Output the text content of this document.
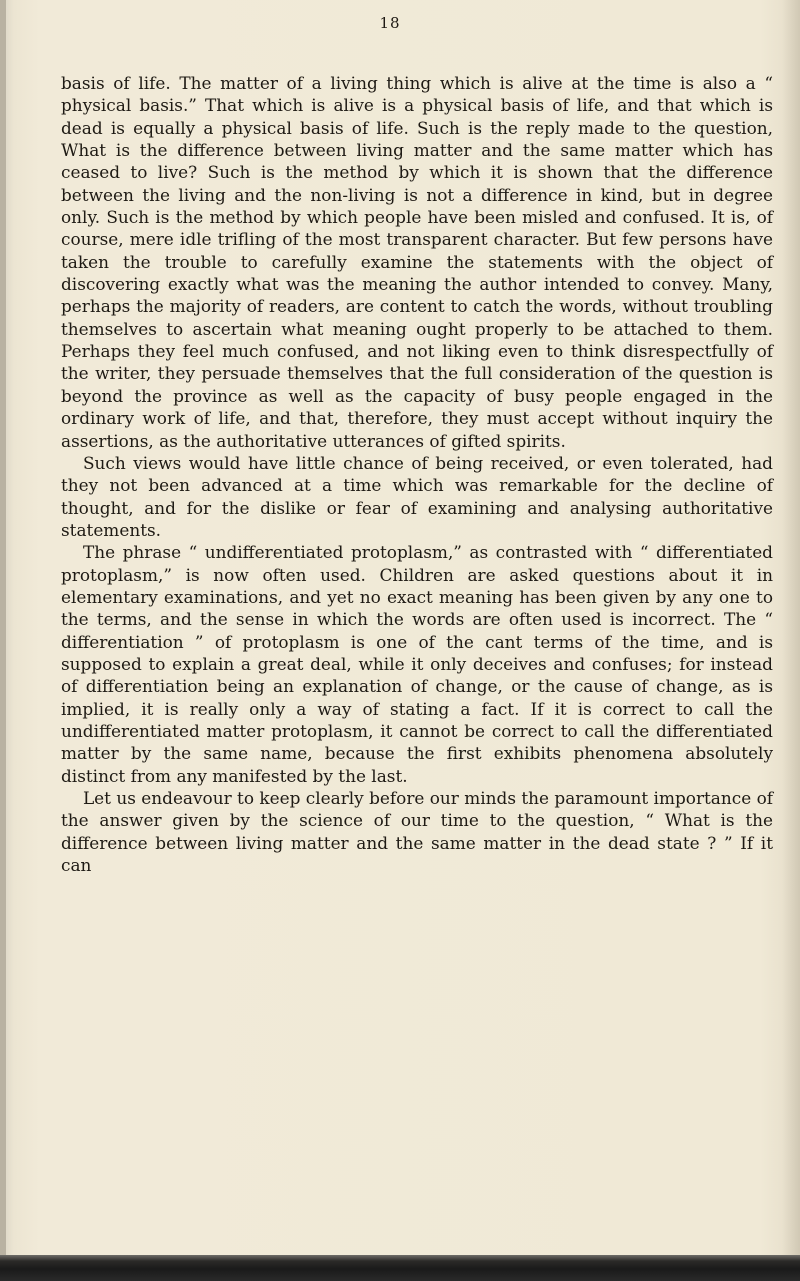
18

basis of life. The matter of a living thing which is alive at the time is also a “ physical basis.” That which is alive is a physical basis of life, and that which is dead is equally a physical basis of life. Such is the reply made to the question, What is the difference between living matter and the same matter which has ceased to live? Such is the method by which it is shown that the difference between the living and the non-living is not a difference in kind, but in degree only. Such is the method by which people have been misled and confused. It is, of course, mere idle trifling of the most transparent character. But few persons have taken the trouble to carefully examine the statements with the object of discovering exactly what was the meaning the author intended to convey. Many, perhaps the majority of readers, are content to catch the words, without troubling themselves to ascertain what meaning ought properly to be attached to them. Perhaps they feel much confused, and not liking even to think disrespectfully of the writer, they persuade themselves that the full consideration of the question is beyond the province as well as the capacity of busy people engaged in the ordinary work of life, and that, therefore, they must accept without inquiry the assertions, as the authoritative utterances of gifted spirits.

Such views would have little chance of being received, or even tolerated, had they not been advanced at a time which was remarkable for the decline of thought, and for the dislike or fear of examining and analysing authoritative statements.

The phrase “ undifferentiated protoplasm,” as contrasted with “ differentiated protoplasm,” is now often used. Children are asked questions about it in elementary examinations, and yet no exact meaning has been given by any one to the terms, and the sense in which the words are often used is incorrect. The “ differentiation ” of protoplasm is one of the cant terms of the time, and is supposed to explain a great deal, while it only deceives and confuses; for instead of differentiation being an explanation of change, or the cause of change, as is implied, it is really only a way of stating a fact. If it is correct to call the undifferentiated matter protoplasm, it cannot be correct to call the differentiated matter by the same name, because the first exhibits phenomena absolutely distinct from any manifested by the last.

Let us endeavour to keep clearly before our minds the paramount importance of the answer given by the science of our time to the question, “ What is the difference between living matter and the same matter in the dead state ? ” If it can
